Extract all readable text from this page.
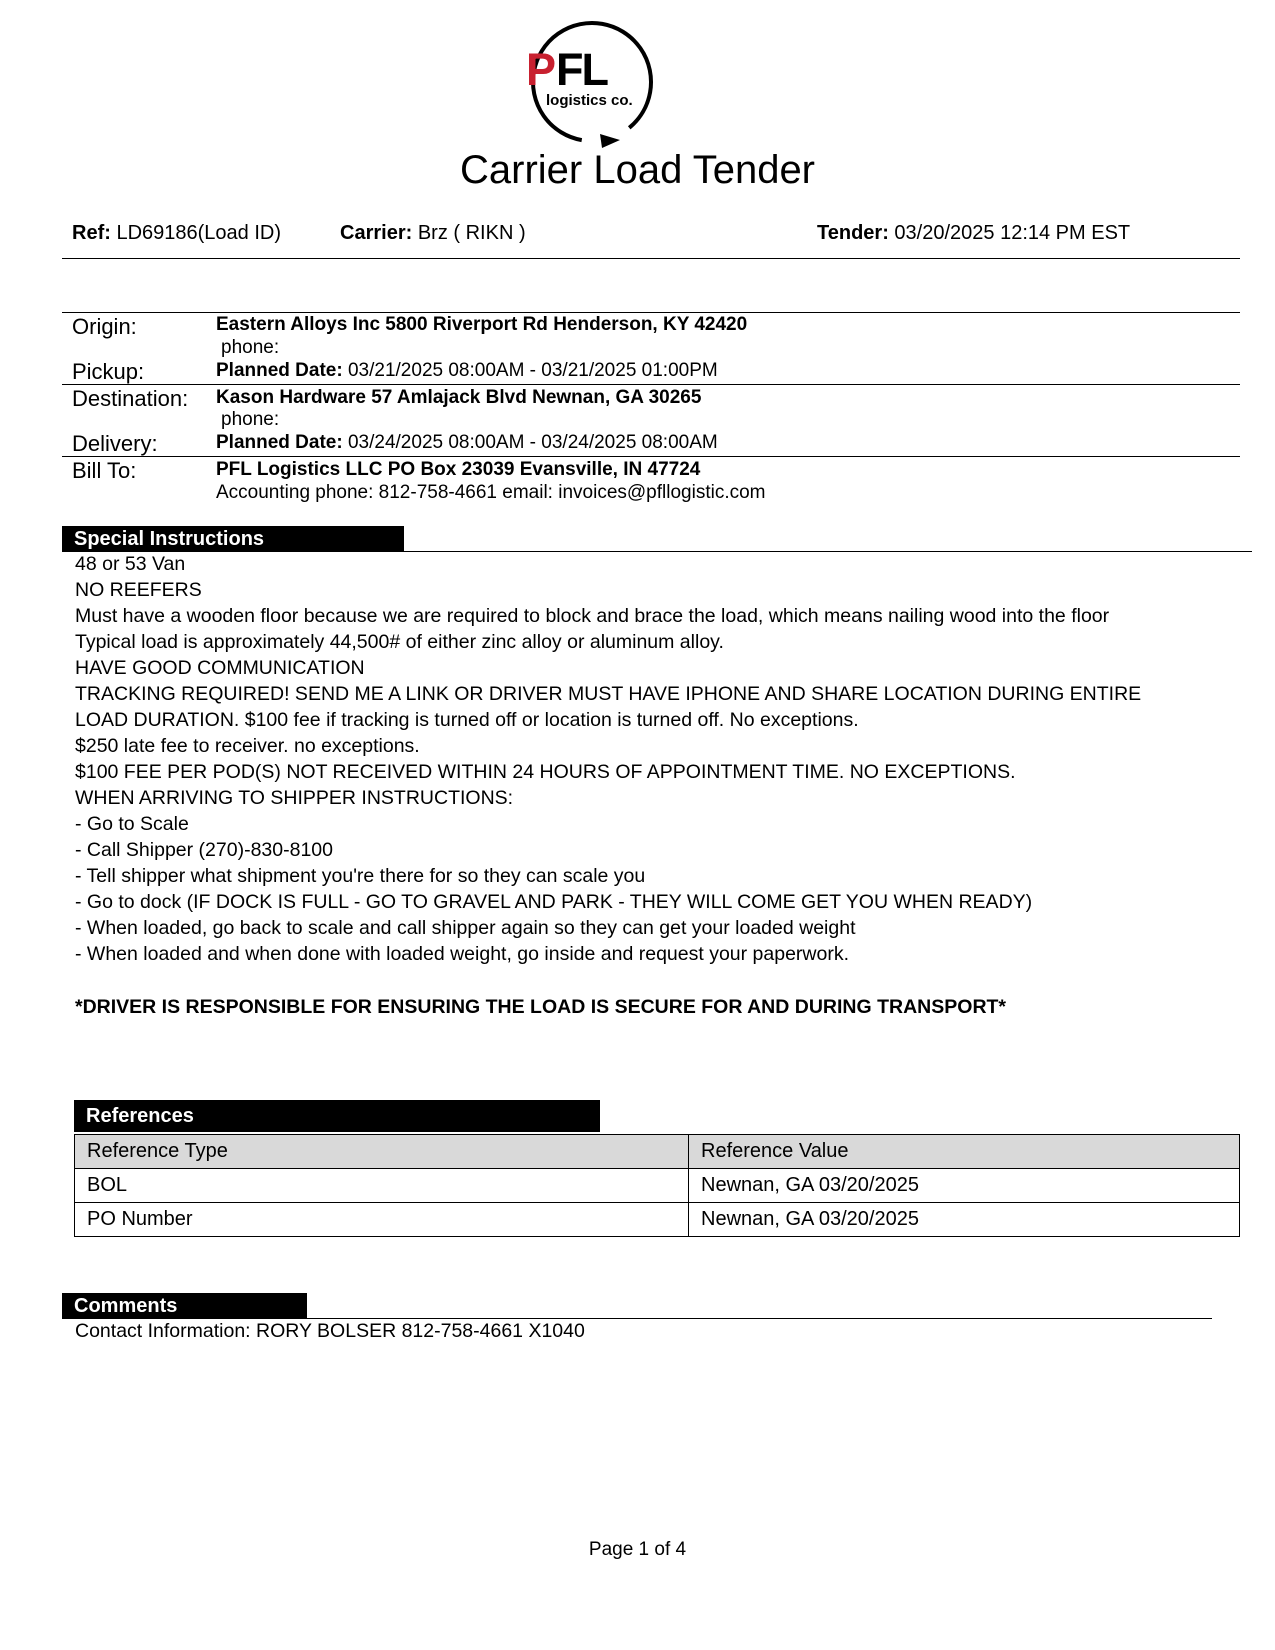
P FL
logistics co.
Carrier Load Tender
Ref: LD69186(Load ID)	Carrier: Brz ( RIKN )	Tender: 03/20/2025 12:14 PM EST
Origin:	Eastern Alloys Inc 5800 Riverport Rd Henderson, KY 42420
phone:
Pickup:	Planned Date: 03/21/2025 08:00AM - 03/21/2025 01:00PM
Destination: Kason Hardware 57 Amlajack Blvd Newnan, GA 30265
phone:
Delivery:	Planned Date: 03/24/2025 08:00AM - 03/24/2025 08:00AM
Bill To:	PFL Logistics LLC PO Box 23039 Evansville, IN 47724
Accounting phone: 812-758-4661 email: invoices@pfllogistic.com
Special Instructions
48 or 53 Van
NO REEFERS
Must have a wooden floor because we are required to block and brace the load, which means nailing wood into the floor
Typical load is approximately 44,500# of either zinc alloy or aluminum alloy.
HAVE GOOD COMMUNICATION
TRACKING REQUIRED! SEND ME A LINK OR DRIVER MUST HAVE IPHONE AND SHARE LOCATION DURING ENTIRE
LOAD DURATION. $100 fee if tracking is turned off or location is turned off. No exceptions.
$250 late fee to receiver. no exceptions.
$100 FEE PER POD(S) NOT RECEIVED WITHIN 24 HOURS OF APPOINTMENT TIME. NO EXCEPTIONS.
WHEN ARRIVING TO SHIPPER INSTRUCTIONS:
- Go to Scale
- Call Shipper (270)-830-8100
- Tell shipper what shipment you're there for so they can scale you
- Go to dock (IF DOCK IS FULL - GO TO GRAVEL AND PARK - THEY WILL COME GET YOU WHEN READY)
- When loaded, go back to scale and call shipper again so they can get your loaded weight
- When loaded and when done with loaded weight, go inside and request your paperwork.
*DRIVER IS RESPONSIBLE FOR ENSURING THE LOAD IS SECURE FOR AND DURING TRANSPORT*
References
Reference Type	Reference Value
BOL	Newnan, GA 03/20/2025
PO Number	Newnan, GA 03/20/2025
Comments
Contact Information: RORY BOLSER 812-758-4661 X1040
Page 1 of 4
